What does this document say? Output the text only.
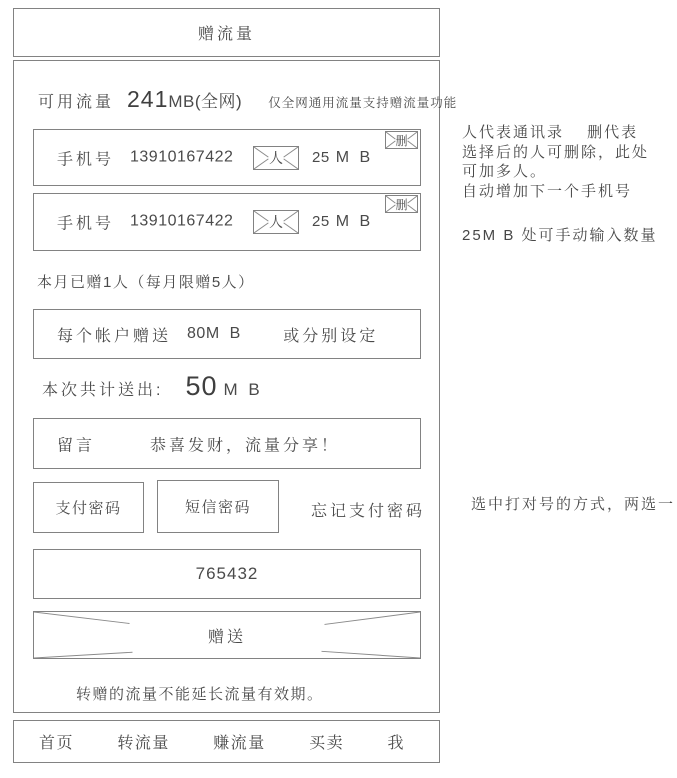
赠流量
可用流量 241 MB(全网) 仅全网通用流量支持赠流量功能
手机号 13910167422	人	25 M B
删
手机号 13910167422	人	25 M B
删
本月已赠1人（每月限赠5人）
每个帐户赠送 80 M B	或分别设定
本次共计送出: 50 M B
留言	恭喜发财，流量分享！
支付密码	短信密码	忘记支付密码
765432
赠送
转赠的流量不能延长流量有效期。
首页	转流量	赚流量	买卖	我
人代表通讯录　 删代表
选择后的人可删除，此处
可加多人。
自动增加下一个手机号
25M B 处可手动输入数量
选中打对号的方式，两选一
